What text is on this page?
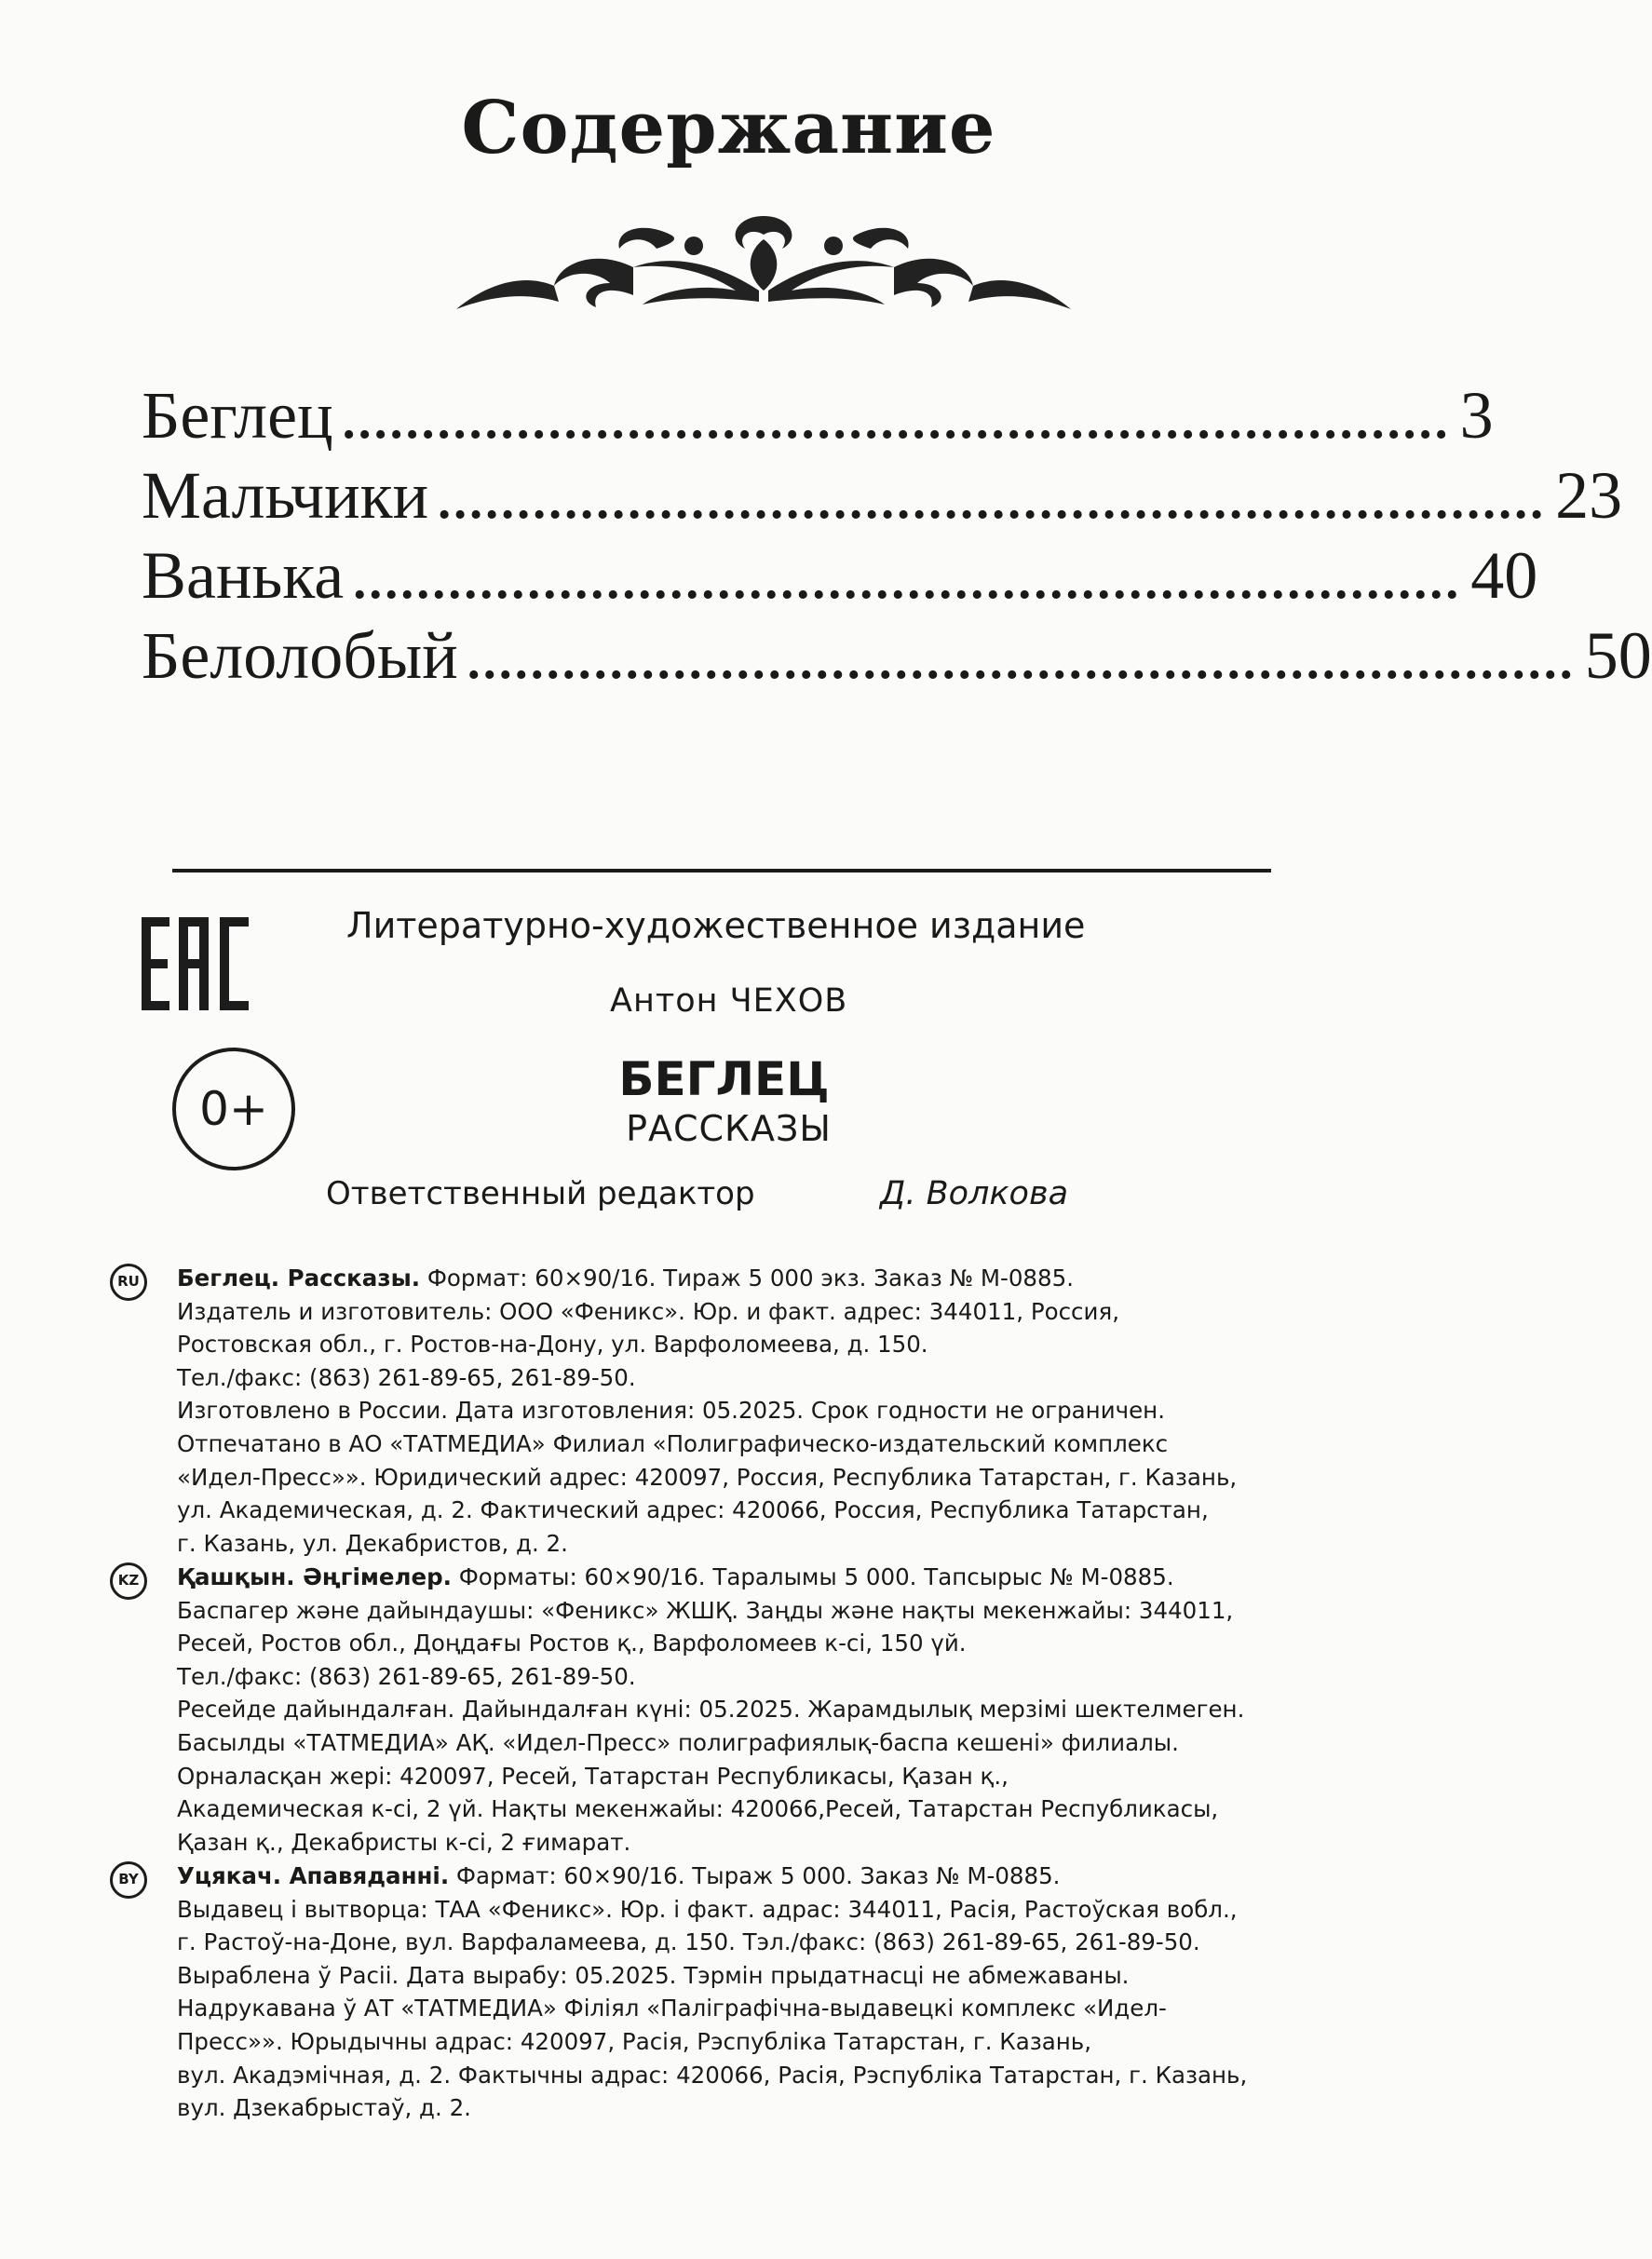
Содержание
Беглец ...................................................................... 3
Мальчики ...................................................................... 23
Ванька ...................................................................... 40
Белолобый ...................................................................... 50
Литературно-художественное издание
Антон ЧЕХОВ
0+
БЕГЛЕЦ
РАССКАЗЫ
Ответственный редактор	Д. Волкова
RU	Беглец. Рассказы. Формат: 60×90/16. Тираж 5 000 экз. Заказ № М-0885.
Издатель и изготовитель: ООО «Феникс». Юр. и факт. адрес: 344011, Россия,
Ростовская обл., г. Ростов-на-Дону, ул. Варфоломеева, д. 150.
Тел./факс: (863) 261-89-65, 261-89-50.
Изготовлено в России. Дата изготовления: 05.2025. Срок годности не ограничен.
Отпечатано в АО «ТАТМЕДИА» Филиал «Полиграфическо-издательский комплекс
«Идел-Пресс»». Юридический адрес: 420097, Россия, Республика Татарстан, г. Казань,
ул. Академическая, д. 2. Фактический адрес: 420066, Россия, Республика Татарстан,
г. Казань, ул. Декабристов, д. 2.
KZ	Қашқын. Әңгімелер. Форматы: 60×90/16. Таралымы 5 000. Тапсырыс № М-0885.
Баспагер және дайындаушы: «Феникс» ЖШҚ. Заңды және нақты мекенжайы: 344011,
Ресей, Ростов обл., Доңдағы Ростов қ., Варфоломеев к-сі, 150 үй.
Тел./факс: (863) 261-89-65, 261-89-50.
Ресейде дайындалған. Дайындалған күні: 05.2025. Жарамдылық мерзімі шектелмеген.
Басылды «ТАТМЕДИА» АҚ. «Идел-Пресс» полиграфиялық-баспа кешені» филиалы.
Орналасқан жері: 420097, Ресей, Татарстан Республикасы, Қазан қ.,
Академическая к-сі, 2 үй. Нақты мекенжайы: 420066,Ресей, Татарстан Республикасы,
Қазан қ., Декабристы к-сі, 2 ғимарат.
BY	Уцякач. Апавяданні. Фармат: 60×90/16. Тыраж 5 000. Заказ № М-0885.
Выдавец і вытворца: ТАА «Феникс». Юр. і факт. адрас: 344011, Расія, Растоўская вобл.,
г. Растоў-на-Доне, вул. Варфаламеева, д. 150. Тэл./факс: (863) 261-89-65, 261-89-50.
Выраблена ў Расіі. Дата вырабу: 05.2025. Тэрмін прыдатнасці не абмежаваны.
Надрукавана ў АТ «ТАТМЕДИА» Філіял «Паліграфічна-выдавецкі комплекс «Идел-
Пресс»». Юрыдычны адрас: 420097, Расія, Рэспубліка Татарстан, г. Казань,
вул. Акадэмічная, д. 2. Фактычны адрас: 420066, Расія, Рэспубліка Татарстан, г. Казань,
вул. Дзекабрыстаў, д. 2.
